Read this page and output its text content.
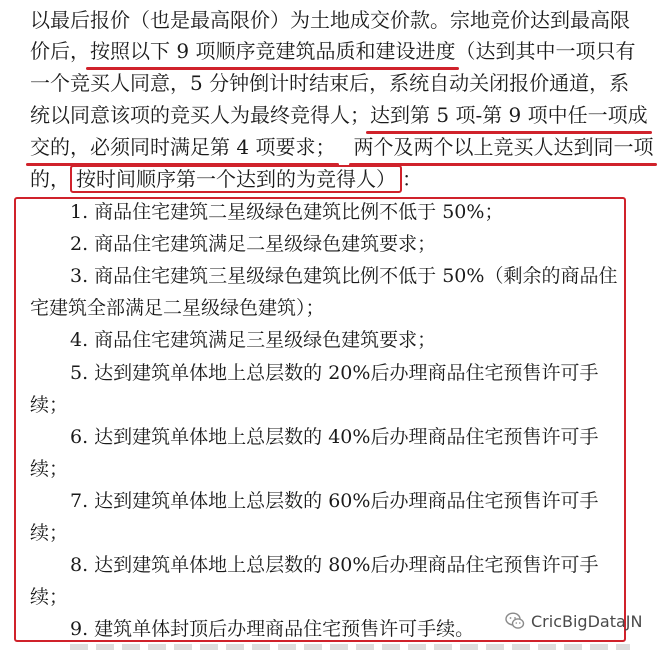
以最后报价（也是最高限价）为土地成交价款。宗地竞价达到最高限
价后，按照以下 9 项顺序竞建筑品质和建设进度（达到其中一项只有
一个竞买人同意，5 分钟倒计时结束后，系统自动关闭报价通道，系
统以同意该项的竞买人为最终竞得人；达到第 5 项-第 9 项中任一项成
交的，必须同时满足第 4 项要求； 两个及两个以上竞买人达到同一项
的， 按时间顺序第一个达到的为竞得人） ：
1. 商品住宅建筑二星级绿色建筑比例不低于 50%；
2. 商品住宅建筑满足二星级绿色建筑要求；
3. 商品住宅建筑三星级绿色建筑比例不低于 50%（剩余的商品住
宅建筑全部满足二星级绿色建筑）；
4. 商品住宅建筑满足三星级绿色建筑要求；
5. 达到建筑单体地上总层数的 20%后办理商品住宅预售许可手
续；
6. 达到建筑单体地上总层数的 40%后办理商品住宅预售许可手
续；
7. 达到建筑单体地上总层数的 60%后办理商品住宅预售许可手
续；
8. 达到建筑单体地上总层数的 80%后办理商品住宅预售许可手
续；
9. 建筑单体封顶后办理商品住宅预售许可手续。	CricBigDataJN
